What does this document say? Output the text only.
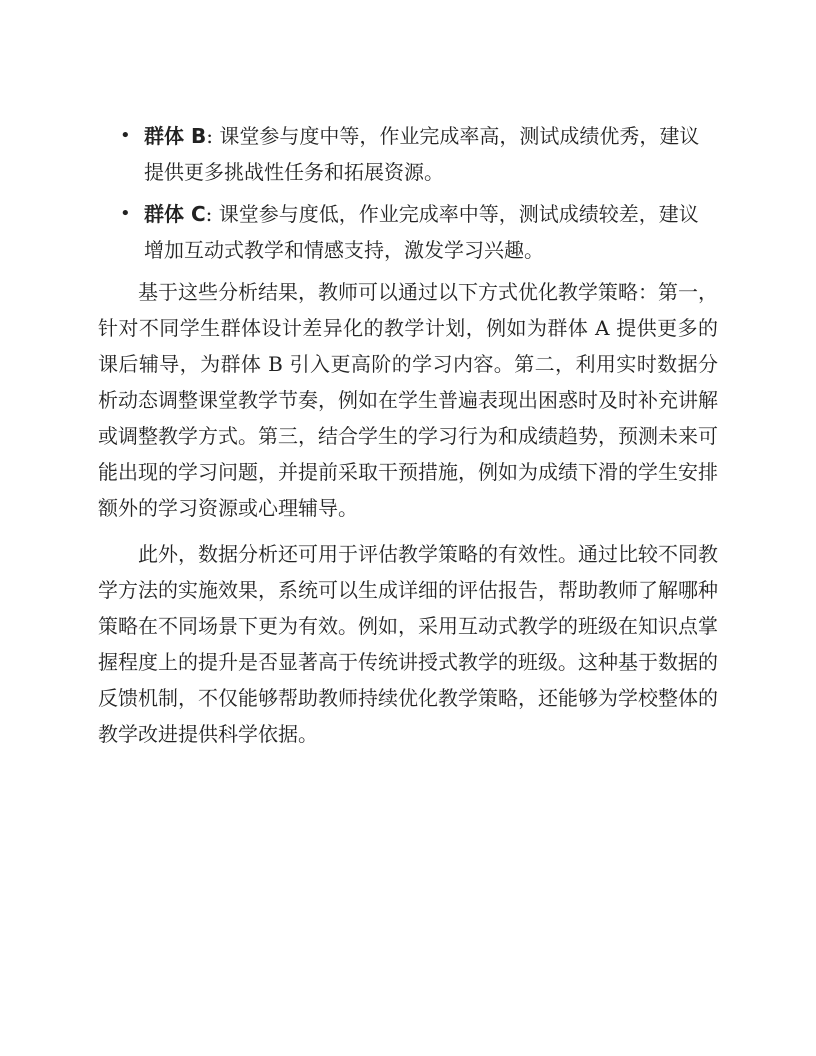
• 群体 B: 课堂参与度中等，作业完成率高，测试成绩优秀，建议提供更多挑战性任务和拓展资源。
• 群体 C: 课堂参与度低，作业完成率中等，测试成绩较差，建议增加互动式教学和情感支持，激发学习兴趣。

基于这些分析结果，教师可以通过以下方式优化教学策略：第一，针对不同学生群体设计差异化的教学计划，例如为群体 A 提供更多的课后辅导，为群体 B 引入更高阶的学习内容。第二，利用实时数据分析动态调整课堂教学节奏，例如在学生普遍表现出困惑时及时补充讲解或调整教学方式。第三，结合学生的学习行为和成绩趋势，预测未来可能出现的学习问题，并提前采取干预措施，例如为成绩下滑的学生安排额外的学习资源或心理辅导。

此外，数据分析还可用于评估教学策略的有效性。通过比较不同教学方法的实施效果，系统可以生成详细的评估报告，帮助教师了解哪种策略在不同场景下更为有效。例如，采用互动式教学的班级在知识点掌握程度上的提升是否显著高于传统讲授式教学的班级。这种基于数据的反馈机制，不仅能够帮助教师持续优化教学策略，还能够为学校整体的教学改进提供科学依据。
